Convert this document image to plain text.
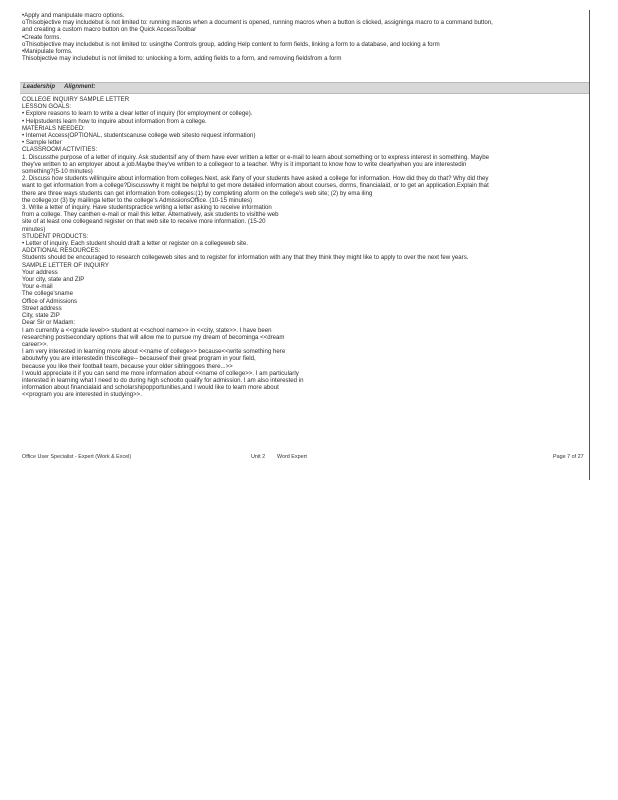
•Apply and manipulate macro options.
oThisobjective may includebut is not limited to: running macros when a document is opened, running macros when a button is clicked, assigninga macro to a command button,
and creating a custom macro button on the Quick AccessToolbar
•Create forms.
oThisobjective may includebut is not limited to: usingthe Controls group, adding Help content to form fields, linking a form to a database, and locking a form
•Manipulate forms.
Thisobjective may includebut is not limited to: unlocking a form, adding fields to a form, and removing fieldsfrom a form
Leadership Alignment:
COLLEGE INQUIRY SAMPLE LETTER
LESSON GOALS:
• Explore reasons to learn to write a clear letter of inquiry (for employment or college).
• Helpstudents learn how to inquire about information from a college.
MATERIALS NEEDED:
• Internet Access(OPTIONAL, studentscanuse college web sitesto request information)
• Sample letter
CLASSROOM ACTIVITIES:
1. Discussthe purpose of a letter of inquiry. Ask studentsif any of them have ever written a letter or e-mail to learn about something or to express interest in something. Maybe
they've written to an employer about a job.Maybe they've written to a collegeor to a teacher. Why is it important to know how to write clearlywhen you are interestedin
something?(5-10 minutes)
2. Discuss how students willinquire about information from colleges.Next, ask ifany of your students have asked a college for information. How did they do that? Why did they
want to get information from a college?Discusswhy it might be helpful to get more detailed information about courses, dorms, financialaid, or to get an application.Explain that
there are three ways students can get information from colleges:(1) by completing aform on the college's web site; (2) by ema iling
the college;or (3) by mailinga letter to the college's AdmissionsOffice. (10-15 minutes)
3. Write a letter of inquiry. Have studentspractice writing a letter asking to receive information
from a college. They canthen e-mail or mail this letter. Alternatively, ask students to visitthe web
site of at least one collegeand register on that web site to receive more information. (15-20
minutes)
STUDENT PRODUCTS:
• Letter of inquiry. Each student should draft a letter or register on a collegeweb site.
ADDITIONAL RESOURCES:
Students should be encouraged to research collegeweb sites and to register for information with any that they think they might like to apply to over the next few years.
SAMPLE LETTER OF INQUIRY
Your address
Your city, state and ZIP
Your e-mail
The college'sname
Office of Admissions
Street address
City, state ZIP
Dear Sir or Madam:
I am currently a <<grade level>> student at <<school name>> in <<city, state>>. I have been
researching postsecondary options that will allow me to pursue my dream of becominga <<dream
career>>.
I am very interested in learning more about <<name of college>> because<<write something here
aboutwhy you are interestedin thiscollege-- becauseof their great program in your field,
because you like their football team, because your older siblinggoes there...>>
I would appreciate it if you can send me more information about <<name of college>>. I am particularly
interested in learning what I need to do during high schoolto qualify for admission. I am also interested in
information about financialaid and scholarshipopportunities,and I would like to learn more about
<<program you are interested in studying>>.
Office User Specialist - Expert (Work & Excel)	Unit 2 Word Expert	Page 7 of 27
